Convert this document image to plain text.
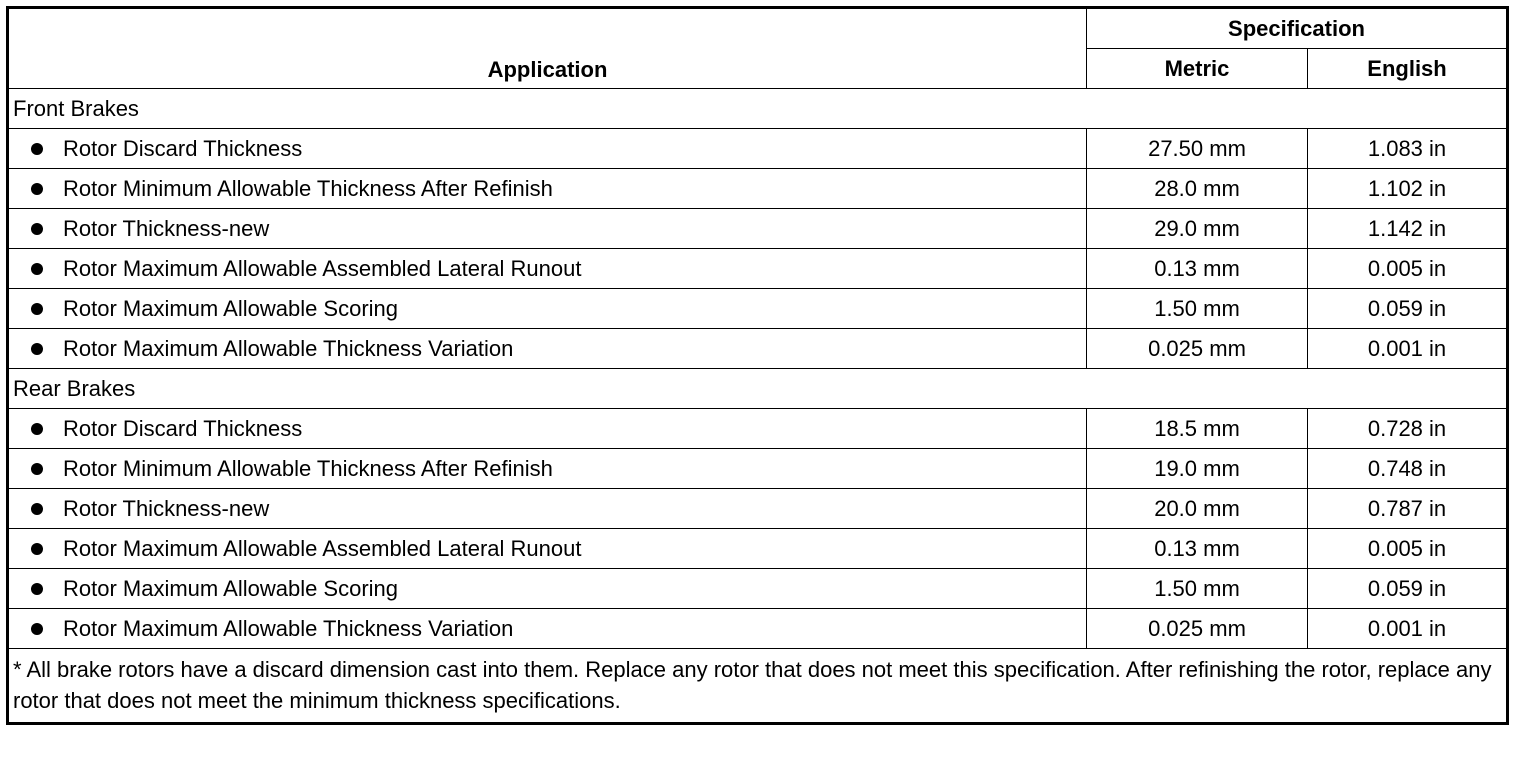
Application	Specification	
	Metric	English
Front Brakes		
Rotor Discard Thickness	27.50 mm	1.083 in
Rotor Minimum Allowable Thickness After Refinish	28.0 mm	1.102 in
Rotor Thickness-new	29.0 mm	1.142 in
Rotor Maximum Allowable Assembled Lateral Runout	0.13 mm	0.005 in
Rotor Maximum Allowable Scoring	1.50 mm	0.059 in
Rotor Maximum Allowable Thickness Variation	0.025 mm	0.001 in
Rear Brakes		
Rotor Discard Thickness	18.5 mm	0.728 in
Rotor Minimum Allowable Thickness After Refinish	19.0 mm	0.748 in
Rotor Thickness-new	20.0 mm	0.787 in
Rotor Maximum Allowable Assembled Lateral Runout	0.13 mm	0.005 in
Rotor Maximum Allowable Scoring	1.50 mm	0.059 in
Rotor Maximum Allowable Thickness Variation	0.025 mm	0.001 in
* All brake rotors have a discard dimension cast into them. Replace any rotor that does not meet this specification. After refinishing the rotor, replace any rotor that does not meet the minimum thickness specifications.		
